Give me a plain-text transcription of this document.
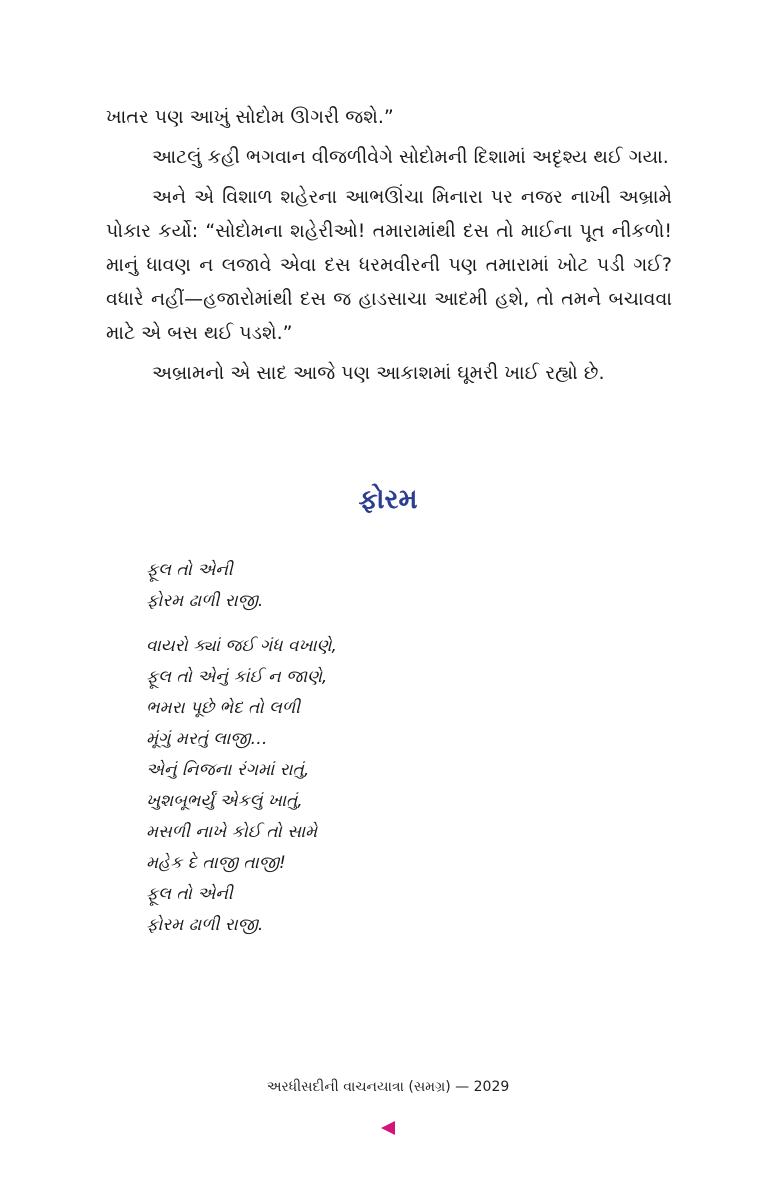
ખાતર પણ આખું સોદોમ ઊગરી જશે.”

આટલું કહી ભગવાન વીજળીવેગે સોદોમની દિશામાં અદૃશ્ય થઈ ગયા.

અને એ વિશાળ શહેરના આભઊંચા મિનારા પર નજર નાખી અબ્રામે પોકાર કર્યો: “સોદોમના શહેરીઓ! તમારામાંથી દસ તો માઈના પૂત નીકળો! માનું ધાવણ ન લજાવે એવા દસ ધરમવીરની પણ તમારામાં ખોટ પડી ગઈ? વધારે નહીં—હજારોમાંથી દસ જ હાડસાચા આદમી હશે, તો તમને બચાવવા માટે એ બસ થઈ પડશે.”

અબ્રામનો એ સાદ આજે પણ આકાશમાં ઘૂમરી ખાઈ રહ્યો છે.

ફોરમ
ફૂલ તો એની
ફોરમ ઢાળી રાજી.
વાયરો ક્યાં જઈ ગંધ વખાણે,
ફૂલ તો એનું કાંઈ ન જાણે,
ભમરા પૂછે ભેદ તો લળી
મૂંગું મરતું લાજી…
એનું નિજના રંગમાં રાતું,
ખુશબૂભર્યું એકલું ખાતું,
મસળી નાખે કોઈ તો સામે
મહેક દે તાજી તાજી!
ફૂલ તો એની
ફોરમ ઢાળી રાજી.
અરધીસદીની વાચનયાત્રા (સમગ્ર) — 2029
